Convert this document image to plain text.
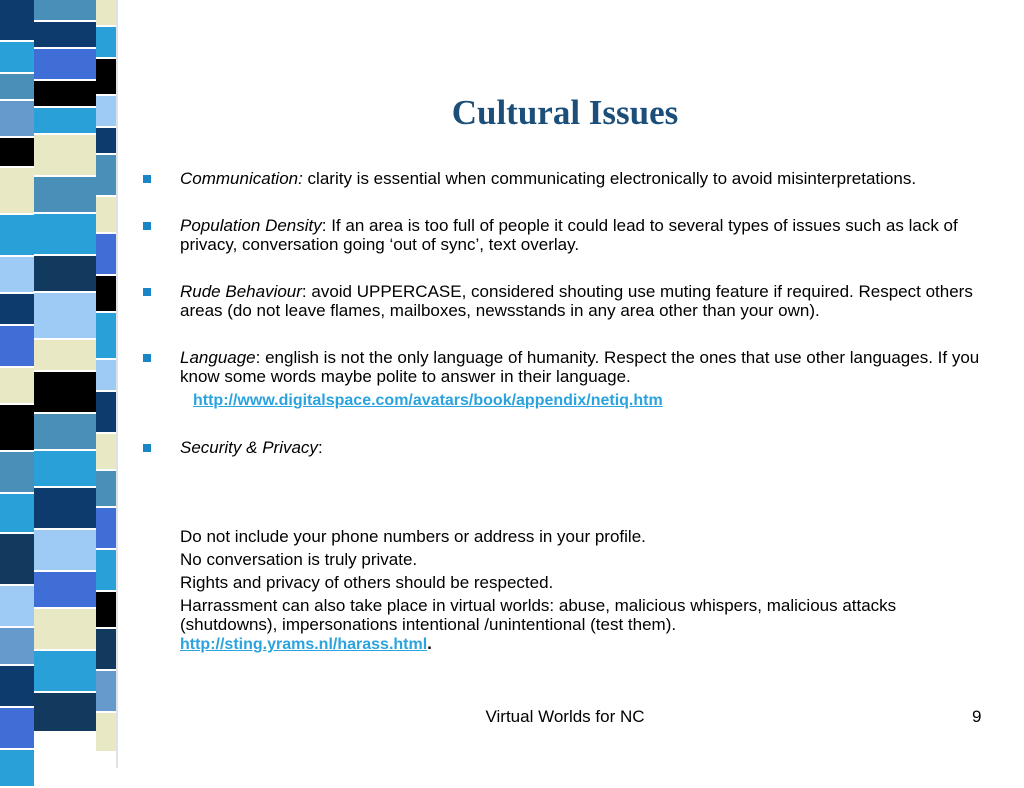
Cultural Issues
Communication: clarity is essential when communicating electronically to avoid misinterpretations.
Population Density: If an area is too full of people it could lead to several types of issues such as lack of privacy, conversation going ‘out of sync’, text overlay.
Rude Behaviour: avoid UPPERCASE, considered shouting use muting feature if required. Respect others areas (do not leave flames, mailboxes, newsstands in any area other than your own).
Language: english is not the only language of humanity. Respect the ones that use other languages. If you know some words maybe polite to answer in their language.
http://www.digitalspace.com/avatars/book/appendix/netiq.htm
Security & Privacy:
Do not include your phone numbers or address in your profile.
No conversation is truly private.
Rights and privacy of others should be respected.
Harrassment can also take place in virtual worlds: abuse, malicious whispers, malicious attacks (shutdowns), impersonations intentional /unintentional (test them).
http://sting.yrams.nl/harass.html.
Virtual Worlds for NC	9
